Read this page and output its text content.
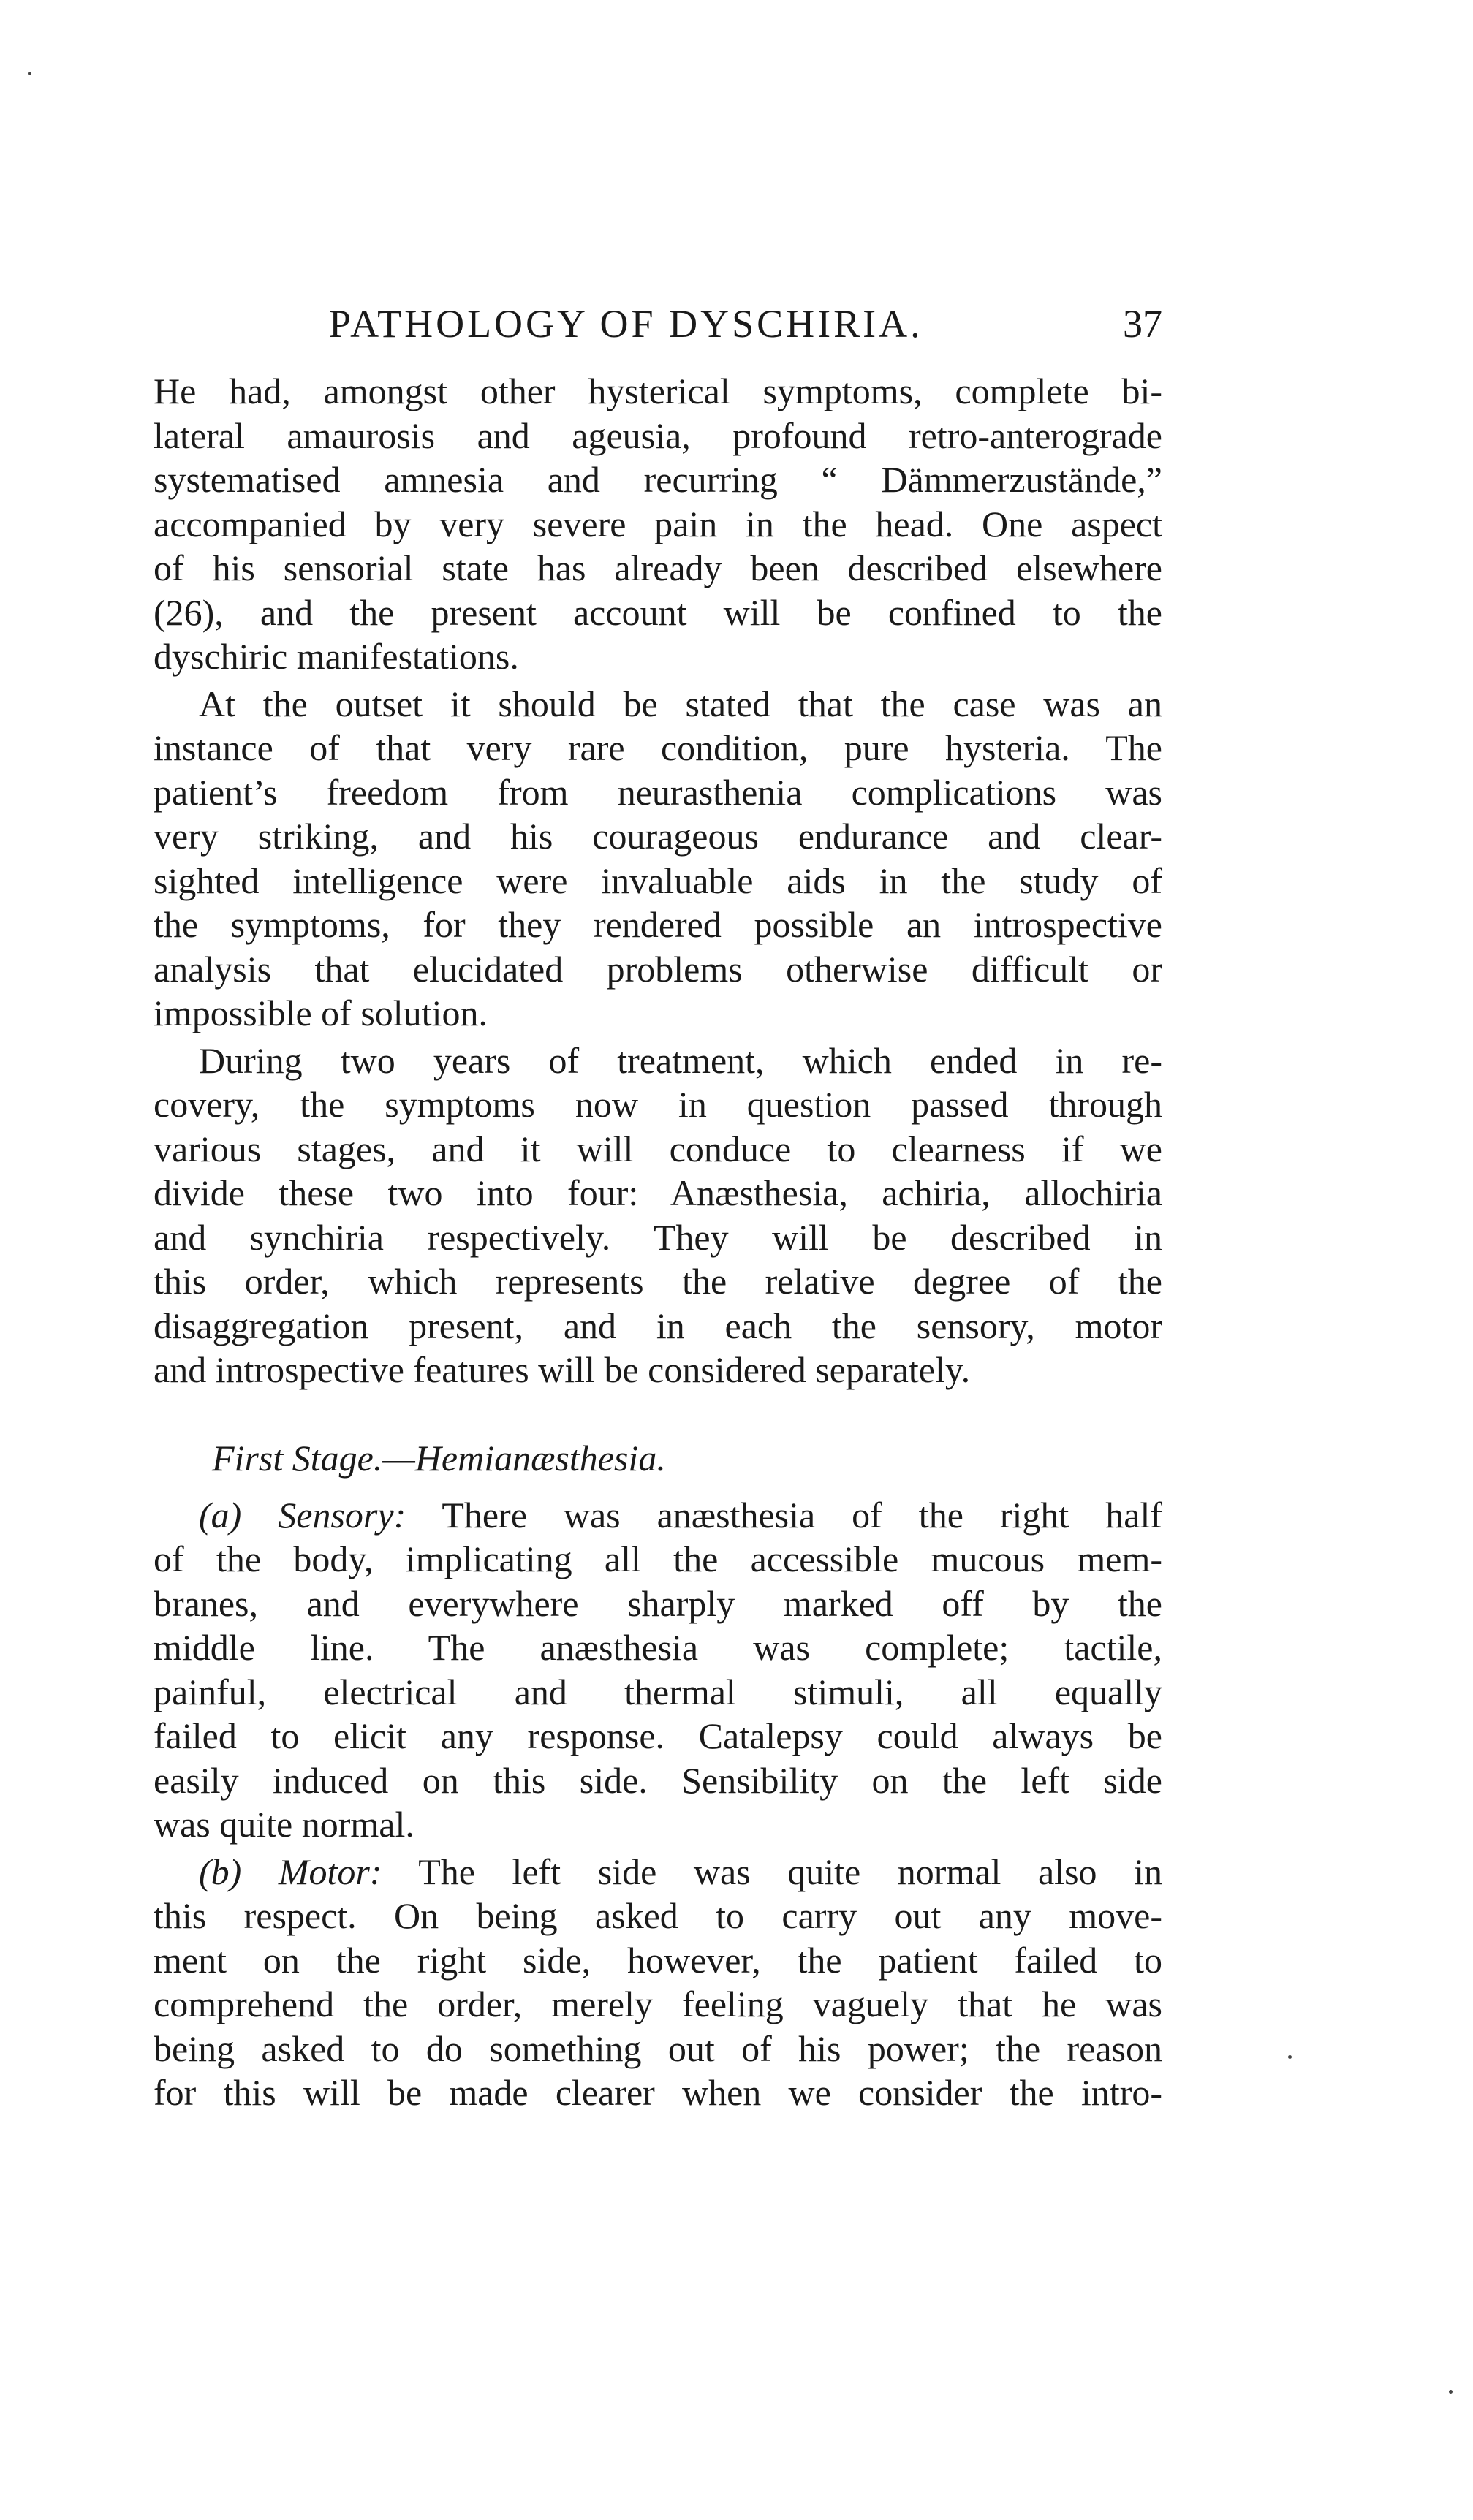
PATHOLOGY OF DYSCHIRIA.	37

He had, amongst other hysterical symptoms, complete bi-
lateral amaurosis and ageusia, profound retro-anterograde
systematised amnesia and recurring “ Dämmerzustände,”
accompanied by very severe pain in the head. One aspect
of his sensorial state has already been described elsewhere
(26), and the present account will be confined to the
dyschiric manifestations.

At the outset it should be stated that the case was an
instance of that very rare condition, pure hysteria. The
patient’s freedom from neurasthenia complications was
very striking, and his courageous endurance and clear-
sighted intelligence were invaluable aids in the study of
the symptoms, for they rendered possible an introspective
analysis that elucidated problems otherwise difficult or
impossible of solution.

During two years of treatment, which ended in re-
covery, the symptoms now in question passed through
various stages, and it will conduce to clearness if we
divide these two into four: Anæsthesia, achiria, allochiria
and synchiria respectively. They will be described in
this order, which represents the relative degree of the
disaggregation present, and in each the sensory, motor
and introspective features will be considered separately.

First Stage.—Hemianæsthesia.

(a) Sensory: There was anæsthesia of the right half
of the body, implicating all the accessible mucous mem-
branes, and everywhere sharply marked off by the
middle line. The anæsthesia was complete; tactile,
painful, electrical and thermal stimuli, all equally
failed to elicit any response. Catalepsy could always be
easily induced on this side. Sensibility on the left side
was quite normal.

(b) Motor: The left side was quite normal also in
this respect. On being asked to carry out any move-
ment on the right side, however, the patient failed to
comprehend the order, merely feeling vaguely that he was
being asked to do something out of his power; the reason
for this will be made clearer when we consider the intro-
